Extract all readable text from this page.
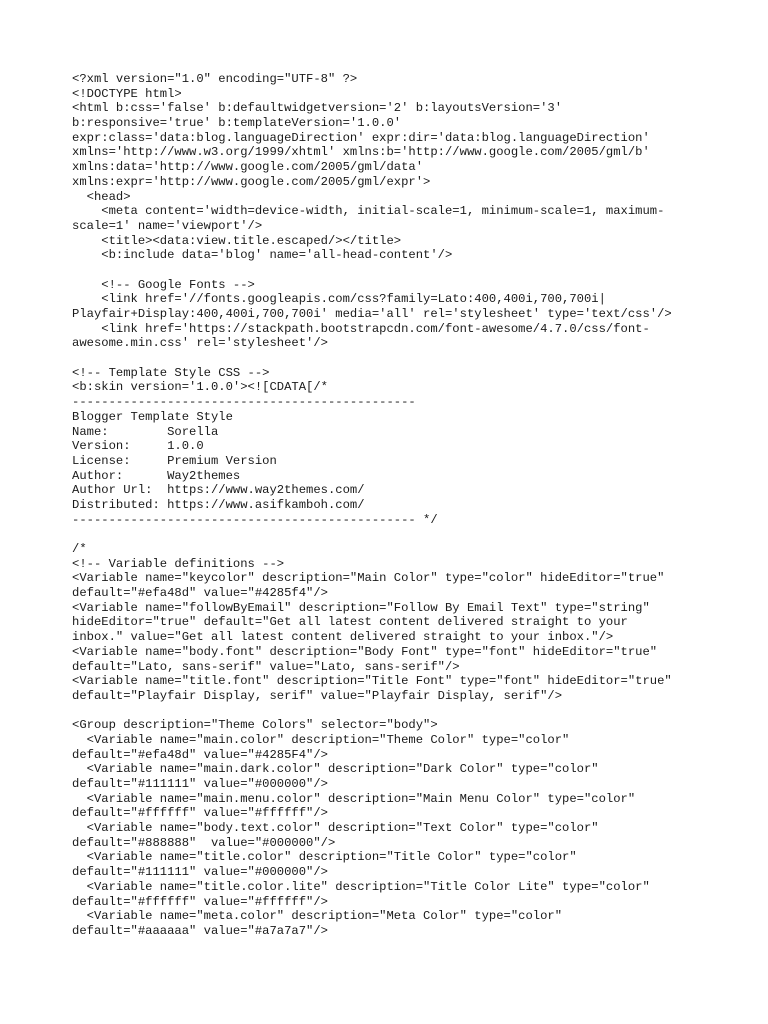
<?xml version="1.0" encoding="UTF-8" ?>
<!DOCTYPE html>
<html b:css='false' b:defaultwidgetversion='2' b:layoutsVersion='3'
b:responsive='true' b:templateVersion='1.0.0'
expr:class='data:blog.languageDirection' expr:dir='data:blog.languageDirection'
xmlns='http://www.w3.org/1999/xhtml' xmlns:b='http://www.google.com/2005/gml/b'
xmlns:data='http://www.google.com/2005/gml/data'
xmlns:expr='http://www.google.com/2005/gml/expr'>
<head>
<meta content='width=device-width, initial-scale=1, minimum-scale=1, maximum-
scale=1' name='viewport'/>
<title><data:view.title.escaped/></title>
<b:include data='blog' name='all-head-content'/>
<!-- Google Fonts -->
<link href='//fonts.googleapis.com/css?family=Lato:400,400i,700,700i|
Playfair+Display:400,400i,700,700i' media='all' rel='stylesheet' type='text/css'/>
<link href='https://stackpath.bootstrapcdn.com/font-awesome/4.7.0/css/font-
awesome.min.css' rel='stylesheet'/>
<!-- Template Style CSS -->
<b:skin version='1.0.0'><![CDATA[/*
-----------------------------------------------
Blogger Template Style
Name:        Sorella
Version:     1.0.0
License:     Premium Version
Author:      Way2themes
Author Url:  https://www.way2themes.com/
Distributed: https://www.asifkamboh.com/
----------------------------------------------- */
/*
<!-- Variable definitions -->
<Variable name="keycolor" description="Main Color" type="color" hideEditor="true"
default="#efa48d" value="#4285f4"/>
<Variable name="followByEmail" description="Follow By Email Text" type="string"
hideEditor="true" default="Get all latest content delivered straight to your
inbox." value="Get all latest content delivered straight to your inbox."/>
<Variable name="body.font" description="Body Font" type="font" hideEditor="true"
default="Lato, sans-serif" value="Lato, sans-serif"/>
<Variable name="title.font" description="Title Font" type="font" hideEditor="true"
default="Playfair Display, serif" value="Playfair Display, serif"/>
<Group description="Theme Colors" selector="body">
<Variable name="main.color" description="Theme Color" type="color"
default="#efa48d" value="#4285F4"/>
<Variable name="main.dark.color" description="Dark Color" type="color"
default="#111111" value="#000000"/>
<Variable name="main.menu.color" description="Main Menu Color" type="color"
default="#ffffff" value="#ffffff"/>
<Variable name="body.text.color" description="Text Color" type="color"
default="#888888"  value="#000000"/>
<Variable name="title.color" description="Title Color" type="color"
default="#111111" value="#000000"/>
<Variable name="title.color.lite" description="Title Color Lite" type="color"
default="#ffffff" value="#ffffff"/>
<Variable name="meta.color" description="Meta Color" type="color"
default="#aaaaaa" value="#a7a7a7"/>
